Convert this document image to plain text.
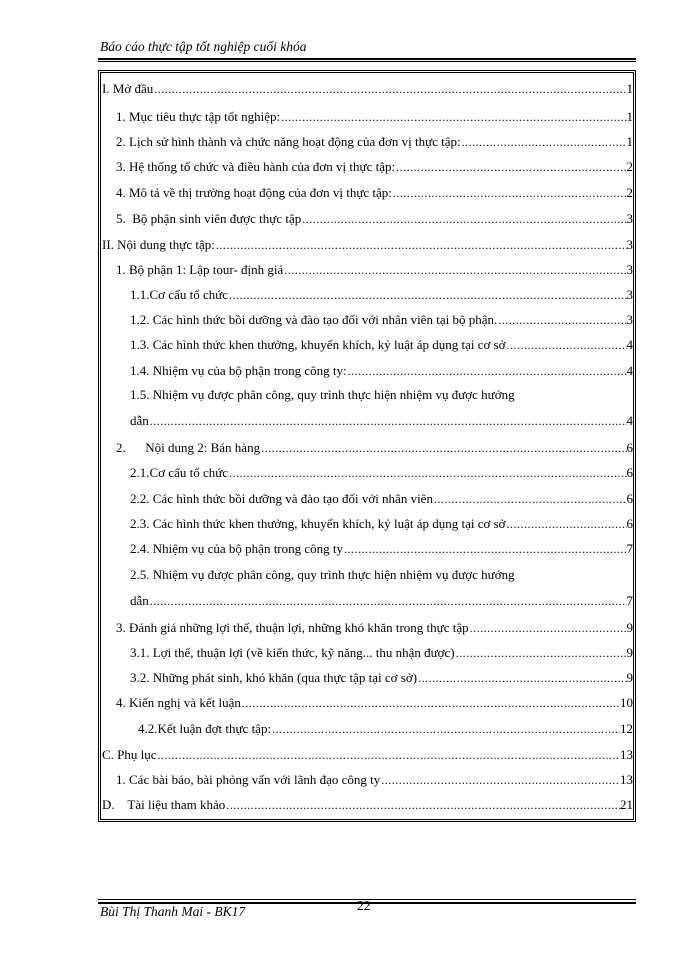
Báo cáo thực tập tốt nghiệp cuối khóa
I. Mở đầu .....	1
1. Mục tiêu thực tập tốt nghiệp: .....	1
2. Lịch sử hình thành và chức năng hoạt động của đơn vị thực tập: .....	1
3. Hệ thống tổ chức và điều hành của đơn vị thực tập: .....	2
4. Mô tả về thị trường hoạt động của đơn vị thực tập: .....	2
5.  Bộ phận sinh viên được thực tập .....	3
II. Nội dung thực tập: .....	3
1. Bộ phận 1: Lập tour- định giá .....	3
1.1.Cơ cấu tổ chức .....	3
1.2. Các hình thức bồi dưỡng và đào tạo đối với nhân viên tại bộ phận. .....	3
1.3. Các hình thức khen thưởng, khuyến khích, kỷ luật áp dụng tại cơ sở .....	4
1.4. Nhiệm vụ của bộ phận trong công ty: .....	4
1.5. Nhiệm vụ được phân công, quy trình thực hiện nhiệm vụ được hướng
dẫn .....	4
2.      Nội dung 2: Bán hàng .....	6
2.1.Cơ cấu tổ chức .....	6
2.2. Các hình thức bồi dưỡng và đào tạo đối với nhân viên .....	6
2.3. Các hình thức khen thưởng, khuyến khích, kỷ luật áp dụng tại cơ sở .....	6
2.4. Nhiệm vụ của bộ phận trong công ty .....	7
2.5. Nhiệm vụ được phân công, quy trình thực hiện nhiệm vụ được hướng
dẫn .....	7
3. Đánh giá những lợi thế, thuận lợi, những khó khăn trong thực tập .....	9
3.1. Lợi thế, thuận lợi (về kiến thức, kỹ năng... thu nhận được) .....	9
3.2. Những phát sinh, khó khăn (qua thực tập tại cơ sở) .....	9
4. Kiến nghị và kết luận .....	10
4.2.Kết luận đợt thực tập: .....	12
C. Phụ lục .....	13
1. Các bài báo, bài phỏng vấn với lãnh đạo công ty .....	13
D.    Tài liệu tham khảo .....	21
Bùi Thị Thanh Mai - BK17	22
